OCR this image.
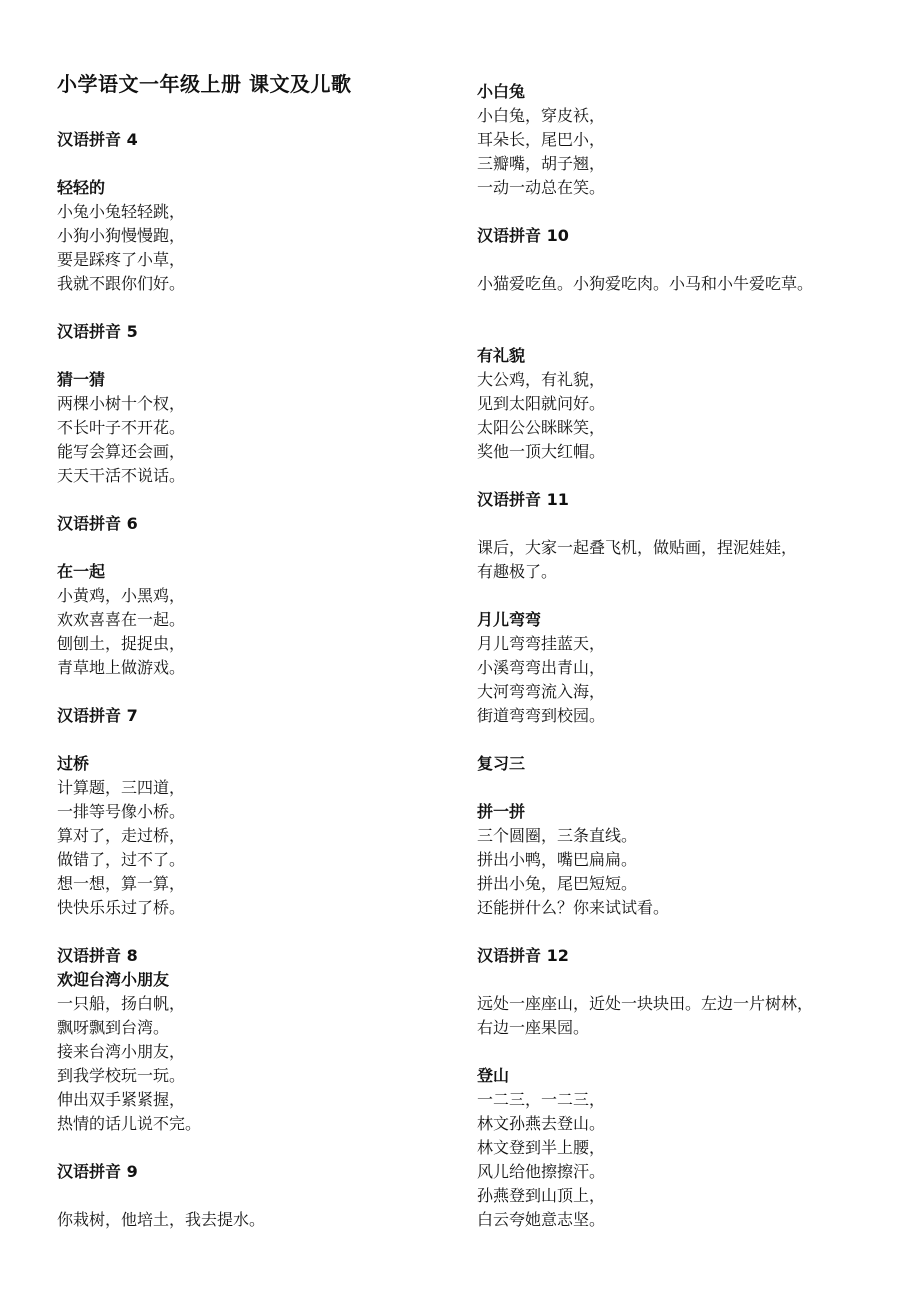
小学语文一年级上册 课文及儿歌
汉语拼音 4
轻轻的
小兔小兔轻轻跳，
小狗小狗慢慢跑，
要是踩疼了小草，
我就不跟你们好。
汉语拼音 5
猜一猜
两棵小树十个杈，
不长叶子不开花。
能写会算还会画，
天天干活不说话。
汉语拼音 6
在一起
小黄鸡，小黑鸡，
欢欢喜喜在一起。
刨刨土，捉捉虫，
青草地上做游戏。
汉语拼音 7
过桥
计算题，三四道，
一排等号像小桥。
算对了，走过桥，
做错了，过不了。
想一想，算一算，
快快乐乐过了桥。
汉语拼音 8
欢迎台湾小朋友
一只船，扬白帆，
飘呀飘到台湾。
接来台湾小朋友，
到我学校玩一玩。
伸出双手紧紧握，
热情的话儿说不完。
汉语拼音 9
你栽树，他培土，我去提水。
小白兔
小白兔，穿皮袄，
耳朵长，尾巴小，
三瓣嘴，胡子翘，
一动一动总在笑。
汉语拼音 10
小猫爱吃鱼。小狗爱吃肉。小马和小牛爱吃草。
有礼貌
大公鸡，有礼貌，
见到太阳就问好。
太阳公公眯眯笑，
奖他一顶大红帽。
汉语拼音 11
课后，大家一起叠飞机，做贴画，捏泥娃娃，
有趣极了。
月儿弯弯
月儿弯弯挂蓝天，
小溪弯弯出青山，
大河弯弯流入海，
街道弯弯到校园。
复习三
拼一拼
三个圆圈，三条直线。
拼出小鸭，嘴巴扁扁。
拼出小兔，尾巴短短。
还能拼什么？你来试试看。
汉语拼音 12
远处一座座山，近处一块块田。左边一片树林，
右边一座果园。
登山
一二三，一二三，
林文孙燕去登山。
林文登到半上腰，
风儿给他擦擦汗。
孙燕登到山顶上，
白云夸她意志坚。
